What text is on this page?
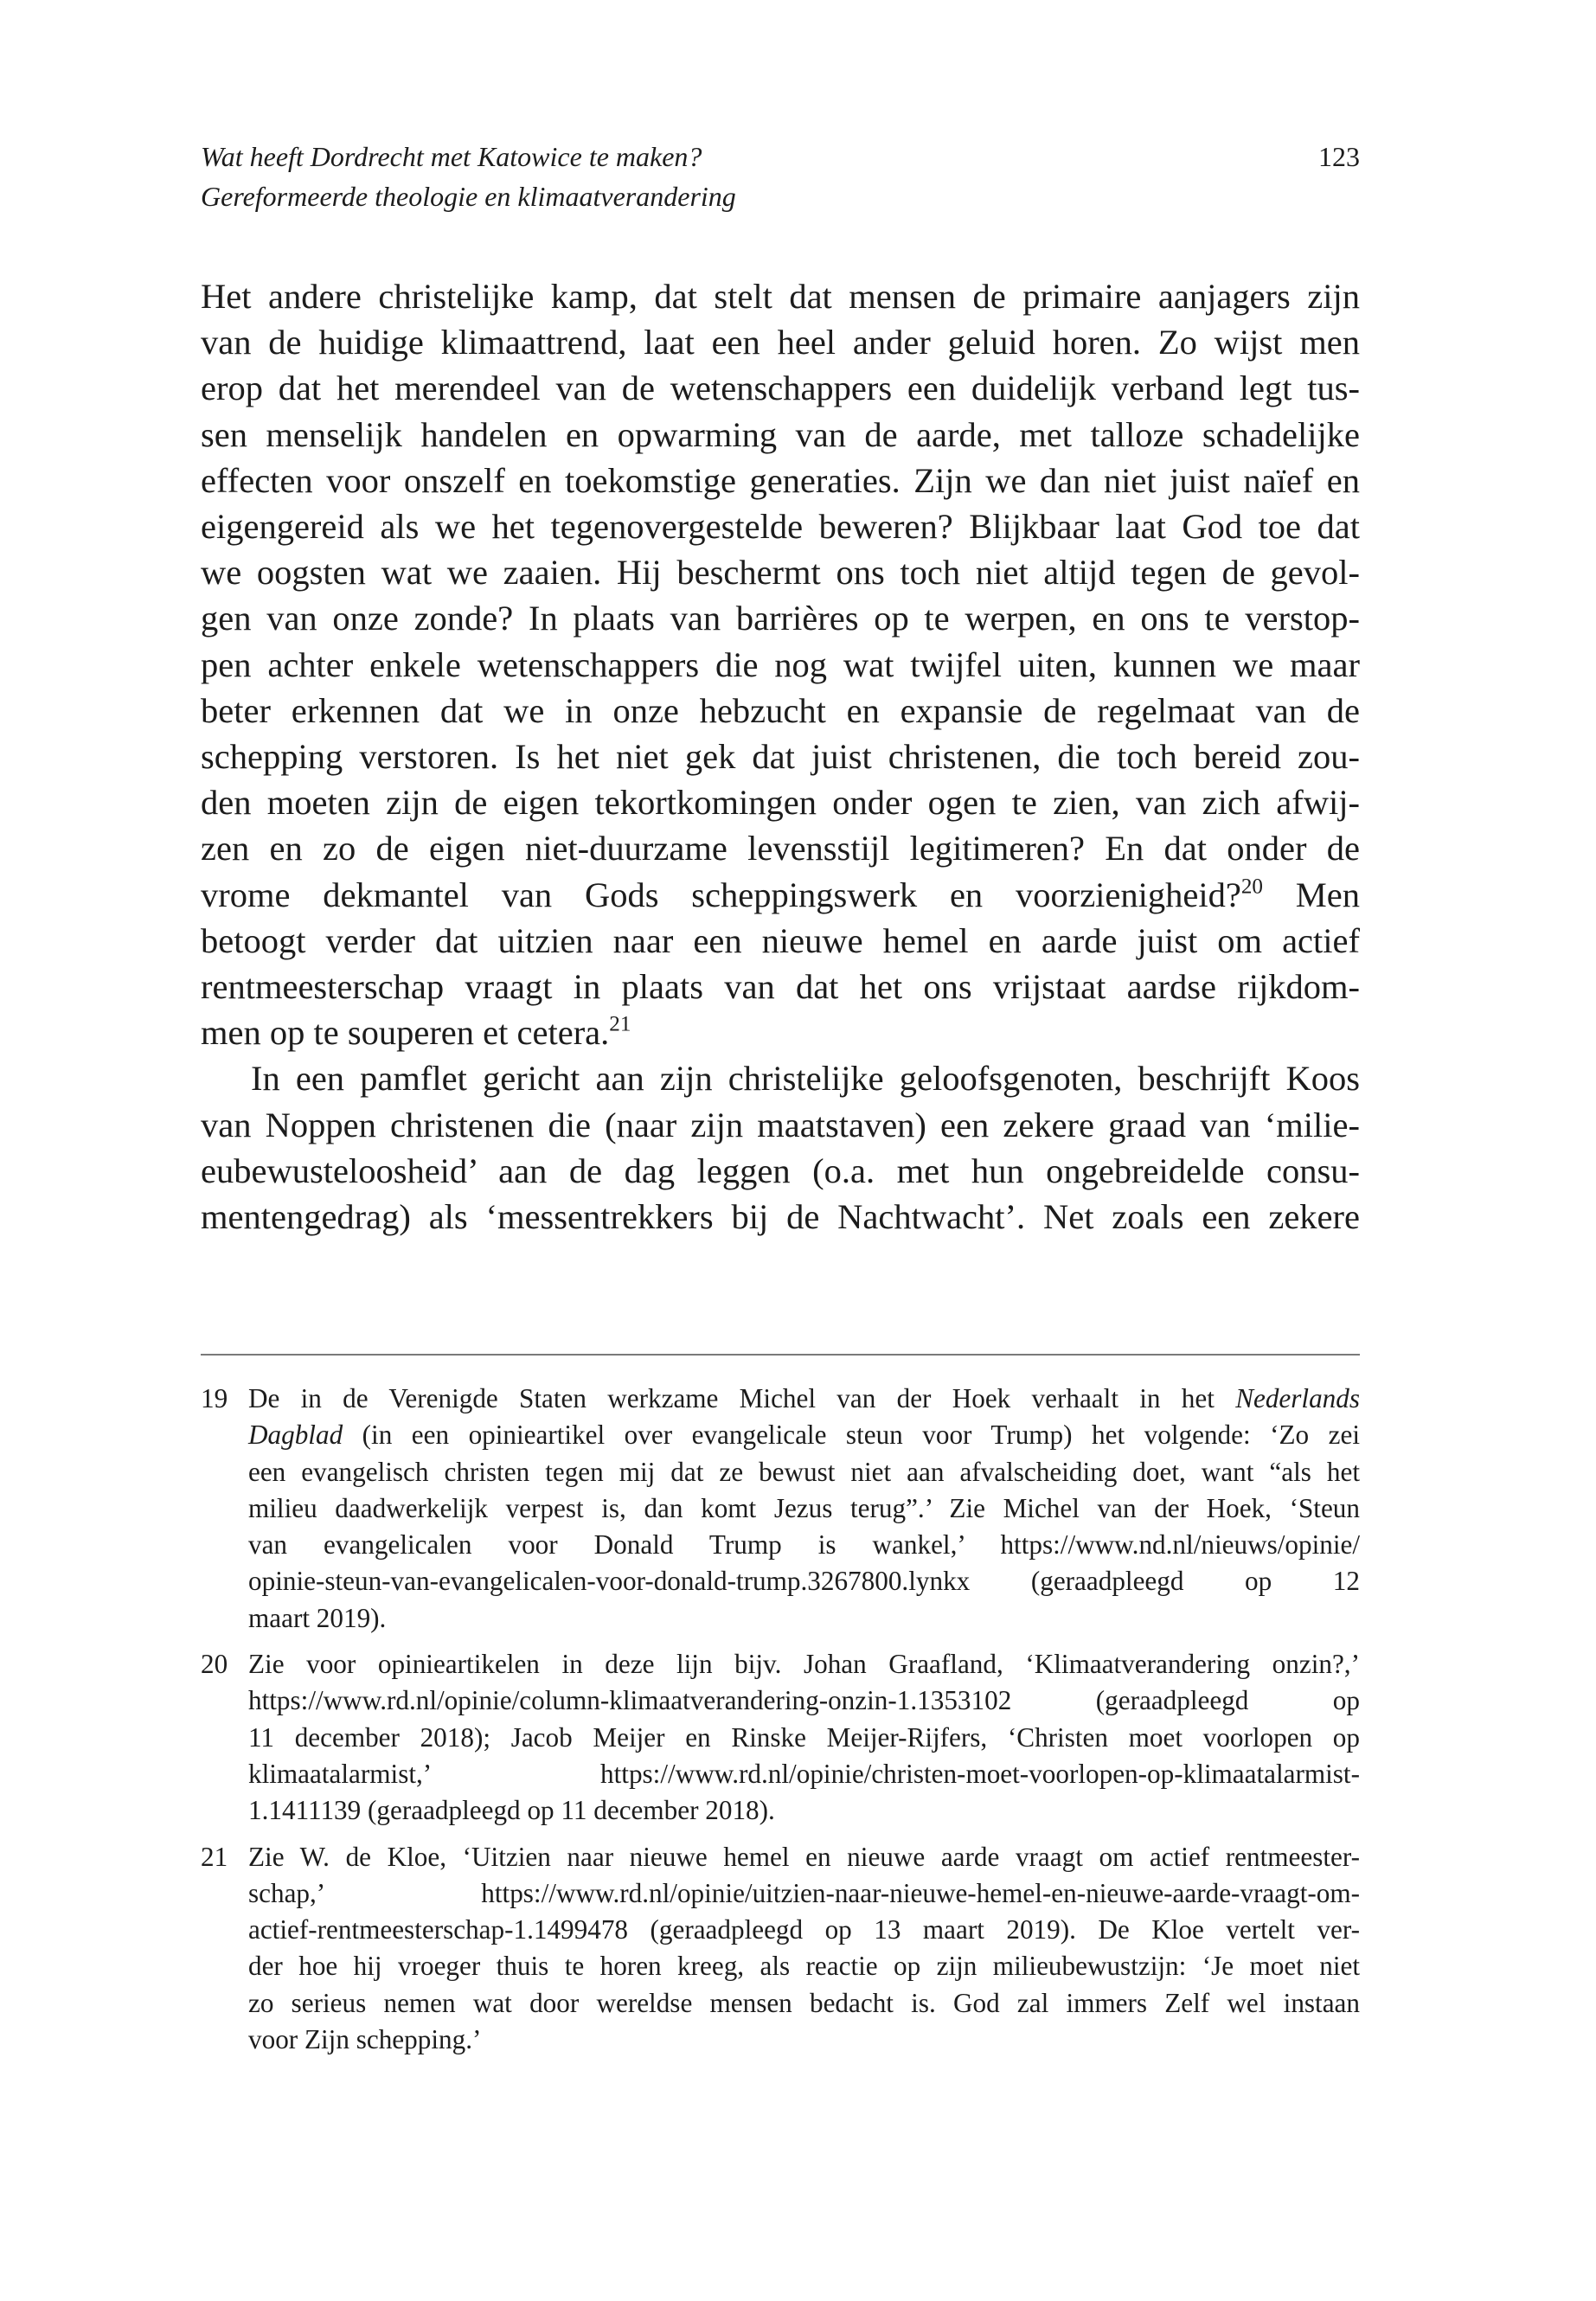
Wat heeft Dordrecht met Katowice te maken?
Gereformeerde theologie en klimaatverandering
123
Het andere christelijke kamp, dat stelt dat mensen de primaire aanjagers zijn
van de huidige klimaattrend, laat een heel ander geluid horen. Zo wijst men
erop dat het merendeel van de wetenschappers een duidelijk verband legt tus-
sen menselijk handelen en opwarming van de aarde, met talloze schadelijke
effecten voor onszelf en toekomstige generaties. Zijn we dan niet juist naïef en
eigengereid als we het tegenovergestelde beweren? Blijkbaar laat God toe dat
we oogsten wat we zaaien. Hij beschermt ons toch niet altijd tegen de gevol-
gen van onze zonde? In plaats van barrières op te werpen, en ons te verstop-
pen achter enkele wetenschappers die nog wat twijfel uiten, kunnen we maar
beter erkennen dat we in onze hebzucht en expansie de regelmaat van de
schepping verstoren. Is het niet gek dat juist christenen, die toch bereid zou-
den moeten zijn de eigen tekortkomingen onder ogen te zien, van zich afwij-
zen en zo de eigen niet-duurzame levensstijl legitimeren? En dat onder de
vrome dekmantel van Gods scheppingswerk en voorzienigheid?$^{20}$ Men
betoogt verder dat uitzien naar een nieuwe hemel en aarde juist om actief
rentmeesterschap vraagt in plaats van dat het ons vrijstaat aardse rijkdom-
men op te souperen et cetera.$^{21}$
In een pamflet gericht aan zijn christelijke geloofsgenoten, beschrijft Koos
van Noppen christenen die (naar zijn maatstaven) een zekere graad van ‘milie-
eubewusteloosheid’ aan de dag leggen (o.a. met hun ongebreidelde consu-
mentengedrag) als ‘messentrekkers bij de Nachtwacht’. Net zoals een zekere
19 De in de Verenigde Staten werkzame Michel van der Hoek verhaalt in het Nederlands
Dagblad (in een opinieartikel over evangelicale steun voor Trump) het volgende: ‘Zo zei
een evangelisch christen tegen mij dat ze bewust niet aan afvalscheiding doet, want “als het
milieu daadwerkelijk verpest is, dan komt Jezus terug”.’ Zie Michel van der Hoek, ‘Steun
van evangelicalen voor Donald Trump is wankel,’ https://www.nd.nl/nieuws/opinie/
opinie-steun-van-evangelicalen-voor-donald-trump.3267800.lynkx (geraadpleegd op 12
maart 2019).
20 Zie voor opinieartikelen in deze lijn bijv. Johan Graafland, ‘Klimaatverandering onzin?,’
https://www.rd.nl/opinie/column-klimaatverandering-onzin-1.1353102 (geraadpleegd op
11 december 2018); Jacob Meijer en Rinske Meijer-Rijfers, ‘Christen moet voorlopen op
klimaatalarmist,’ https://www.rd.nl/opinie/christen-moet-voorlopen-op-klimaatalarmist-
1.1411139 (geraadpleegd op 11 december 2018).
21 Zie W. de Kloe, ‘Uitzien naar nieuwe hemel en nieuwe aarde vraagt om actief rentmeester-
schap,’ https://www.rd.nl/opinie/uitzien-naar-nieuwe-hemel-en-nieuwe-aarde-vraagt-om-
actief-rentmeesterschap-1.1499478 (geraadpleegd op 13 maart 2019). De Kloe vertelt ver-
der hoe hij vroeger thuis te horen kreeg, als reactie op zijn milieubewustzijn: ‘Je moet niet
zo serieus nemen wat door wereldse mensen bedacht is. God zal immers Zelf wel instaan
voor Zijn schepping.’
